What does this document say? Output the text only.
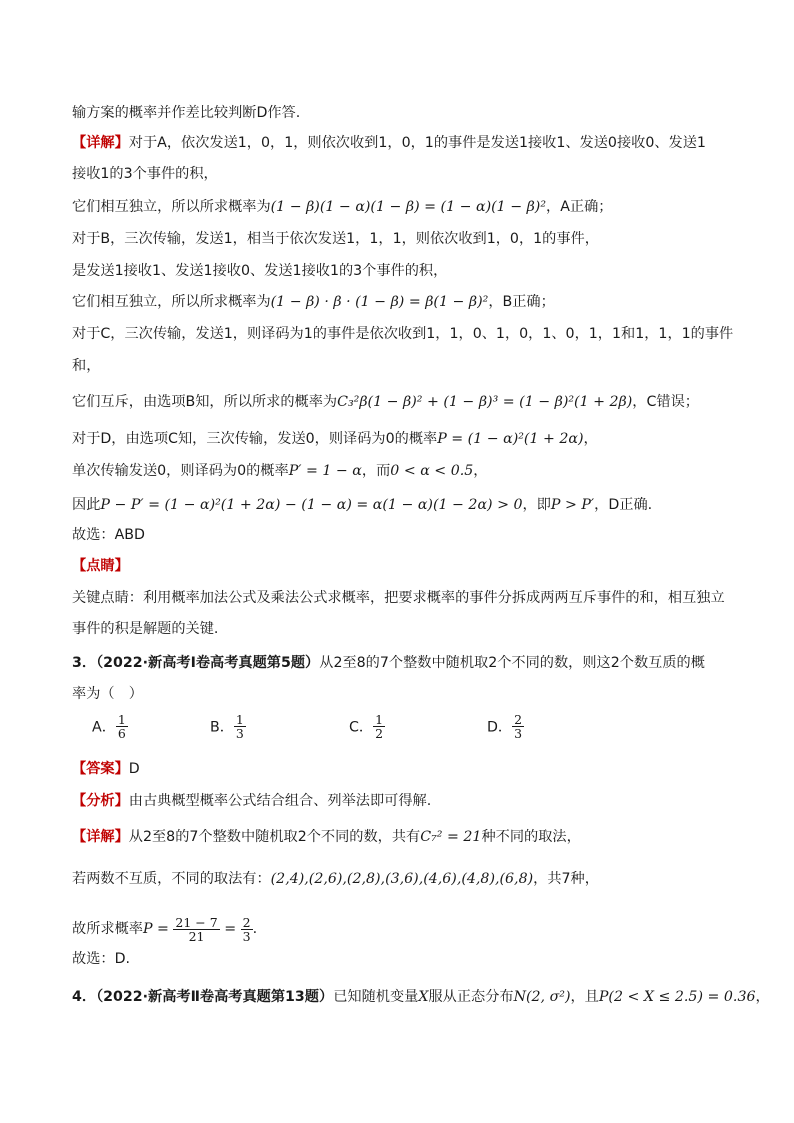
输方案的概率并作差比较判断D作答.
【详解】对于A，依次发送1，0，1，则依次收到1，0，1的事件是发送1接收1、发送0接收0、发送1
接收1的3个事件的积，
它们相互独立，所以所求概率为(1 − β)(1 − α)(1 − β) = (1 − α)(1 − β)²，A正确；
对于B，三次传输，发送1，相当于依次发送1，1，1，则依次收到1，0，1的事件，
是发送1接收1、发送1接收0、发送1接收1的3个事件的积，
它们相互独立，所以所求概率为(1 − β) · β · (1 − β) = β(1 − β)²，B正确；
对于C，三次传输，发送1，则译码为1的事件是依次收到1，1，0、1，0，1、0，1，1和1，1，1的事件
和，
它们互斥，由选项B知，所以所求的概率为C₃²β(1 − β)² + (1 − β)³ = (1 − β)²(1 + 2β)，C错误；
对于D，由选项C知，三次传输，发送0，则译码为0的概率P = (1 − α)²(1 + 2α)，
单次传输发送0，则译码为0的概率P′ = 1 − α，而0 < α < 0.5，
因此P − P′ = (1 − α)²(1 + 2α) − (1 − α) = α(1 − α)(1 − 2α) > 0，即P > P′，D正确.
故选：ABD
【点睛】
关键点睛：利用概率加法公式及乘法公式求概率，把要求概率的事件分拆成两两互斥事件的和，相互独立
事件的积是解题的关键.
3．（2022·新高考Ⅰ卷高考真题第5题）从2至8的7个整数中随机取2个不同的数，则这2个数互质的概
率为（　）
A． $\frac{1}{6}$	B． $\frac{1}{3}$	C． $\frac{1}{2}$	D． $\frac{2}{3}$
【答案】D
【分析】由古典概型概率公式结合组合、列举法即可得解.
【详解】从2至8的7个整数中随机取2个不同的数，共有C₇² = 21种不同的取法，
若两数不互质，不同的取法有：(2,4),(2,6),(2,8),(3,6),(4,6),(4,8),(6,8)，共7种，
故所求概率$P = \frac{21 - 7}{21} = \frac{2}{3}$ .
故选：D.
4．（2022·新高考Ⅱ卷高考真题第13题）已知随机变量X服从正态分布N(2, σ²)，且P(2 < X ≤ 2.5) = 0.36，
